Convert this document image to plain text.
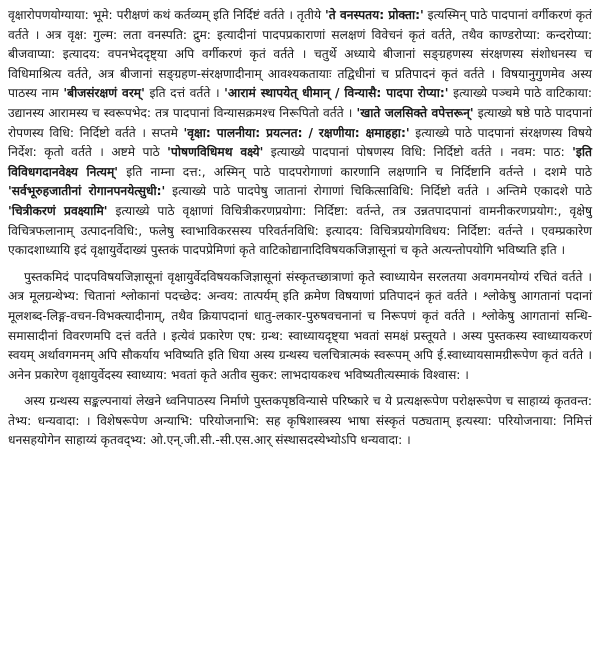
वृक्षारोपणयोग्याया: भूमे: परीक्षणं कथं कर्तव्यम् इति निर्दिष्टं वर्तते । तृतीये 'ते वनस्पतय: प्रोक्ता:' इत्यस्मिन् पाठे पादपानां वर्गीकरणं कृतं वर्तते । अत्र वृक्ष: गुल्म: लता वनस्पति: द्रुम: इत्यादीनां पादपप्रकाराणां सलक्षणं विवेचनं कृतं वर्तते, तथैव काण्डरोप्या: कन्दरोप्या: बीजवाप्या: इत्यादय: वपनभेददृष्ट्या अपि वर्गीकरणं कृतं वर्तते । चतुर्थे अध्याये बीजानां सङ्ग्रहणस्य संरक्षणस्य संशोधनस्य च विधिमाश्रित्य वर्तते, अत्र बीजानां सङ्ग्रहण-संरक्षणादीनाम् आवश्यकतायाः तद्विधीनां च प्रतिपादनं कृतं वर्तते । विषयानुगुणमेव अस्य पाठस्य नाम 'बीजसंरक्षणं वरम्' इति दत्तं वर्तते । 'आरामं स्थापयेत् धीमान् / विन्यासै: पादपा रोप्या:' इत्याख्ये पञ्चमे पाठे वाटिकाया: उद्यानस्य आरामस्य च स्वरूपभेद: तत्र पादपानां विन्यासक्रमश्च निरूपितो वर्तते । 'खाते जलसिक्ते वपेत्तरून्' इत्याख्ये षष्ठे पाठे पादपानां रोपणस्य विधि: निर्दिष्टो वर्तते । सप्तमे 'वृक्षा: पालनीया: प्रयत्नत: / रक्षणीया: क्षमाहहा:' इत्याख्ये पाठे पादपानां संरक्षणस्य विषये निर्देश: कृतो वर्तते । अष्टमे पाठे 'पोषणविधिमथ वक्ष्ये' इत्याख्ये पादपानां पोषणस्य विधि: निर्दिष्टो वर्तते । नवम: पाठ: 'इति विविधगदानवेक्ष्य नित्यम्' इति नाम्ना दत्त:, अस्मिन् पाठे पादपरोगाणां कारणानि लक्षणानि च निर्दिष्टानि वर्तन्ते । दशमे पाठे 'सर्वभूरुहजातीनां रोगानपनयेत्सुधी:' इत्याख्ये पाठे पादपेषु जातानां रोगाणां चिकित्साविधि: निर्दिष्टो वर्तते । अन्तिमे एकादशे पाठे 'चित्रीकरणं प्रवक्ष्यामि' इत्याख्ये पाठे वृक्षाणां विचित्रीकरणप्रयोगा: निर्दिष्टा: वर्तन्ते, तत्र उन्नतपादपानां वामनीकरणप्रयोग:, वृक्षेषु विचित्रफलानाम् उत्पादनविधि:, फलेषु स्वाभाविकरसस्य परिवर्तनविधि: इत्यादय: विचित्रप्रयोगविधय: निर्दिष्टा: वर्तन्ते । एवम्प्रकारेण एकादशाध्यायि इदं वृक्षायुर्वेदाख्यं पुस्तकं पादपप्रेमिणां कृते वाटिकोद्यानादिविषयकजिज्ञासूनां च कृते अत्यन्तोपयोगि भविष्यति इति ।

पुस्तकमिदं पादपविषयजिज्ञासूनां वृक्षायुर्वेदविषयकजिज्ञासूनां संस्कृतच्छात्राणां कृते स्वाध्यायेन सरलतया अवगमनयोग्यं रचितं वर्तते । अत्र मूलग्रन्थेभ्य: चितानां श्लोकानां पदच्छेद: अन्वय: तात्पर्यम् इति क्रमेण विषयाणां प्रतिपादनं कृतं वर्तते । श्लोकेषु आगतानां पदानां मूलशब्द-लिङ्ग-वचन-विभक्त्यादीनाम्, तथैव क्रियापदानां धातु-लकार-पुरुषवचनानां च निरूपणं कृतं वर्तते । श्लोकेषु आगतानां सन्धि-समासादीनां विवरणमपि दत्तं वर्तते । इत्येवं प्रकारेण एष: ग्रन्थ: स्वाध्यायदृष्ट्या भवतां समक्षं प्रस्तूयते । अस्य पुस्तकस्य स्वाध्यायकरणं स्वयम् अर्थावगमनम् अपि सौकर्याय भविष्यति इति धिया अस्य ग्रन्थस्य चलचित्रात्मकं स्वरूपम् अपि ई.स्वाध्यायसामग्रीरूपेण कृतं वर्तते । अनेन प्रकारेण वृक्षायुर्वेदस्य स्वाध्याय: भवतां कृते अतीव सुकर: लाभदायकश्च भविष्यतीत्यस्माकं विश्वास: ।

अस्य ग्रन्थस्य सङ्कल्पनायां लेखने ध्वनिपाठस्य निर्माणे पुस्तकपृष्ठविन्यासे परिष्कारे च ये प्रत्यक्षरूपेण परोक्षरूपेण च साहाय्यं कृतवन्त: तेभ्य: धन्यवादा: । विशेषरूपेण अन्याभि: परियोजनाभि: सह कृषिशास्त्रस्य भाषा संस्कृतं पठ्यताम् इत्यस्या: परियोजनाया: निमित्तं धनसहयोगेन साहाय्यं कृतवद्भ्य: ओ.एन्.जी.सी.-सी.एस.आर् संस्थासदस्येभ्योऽपि धन्यवादा: ।
